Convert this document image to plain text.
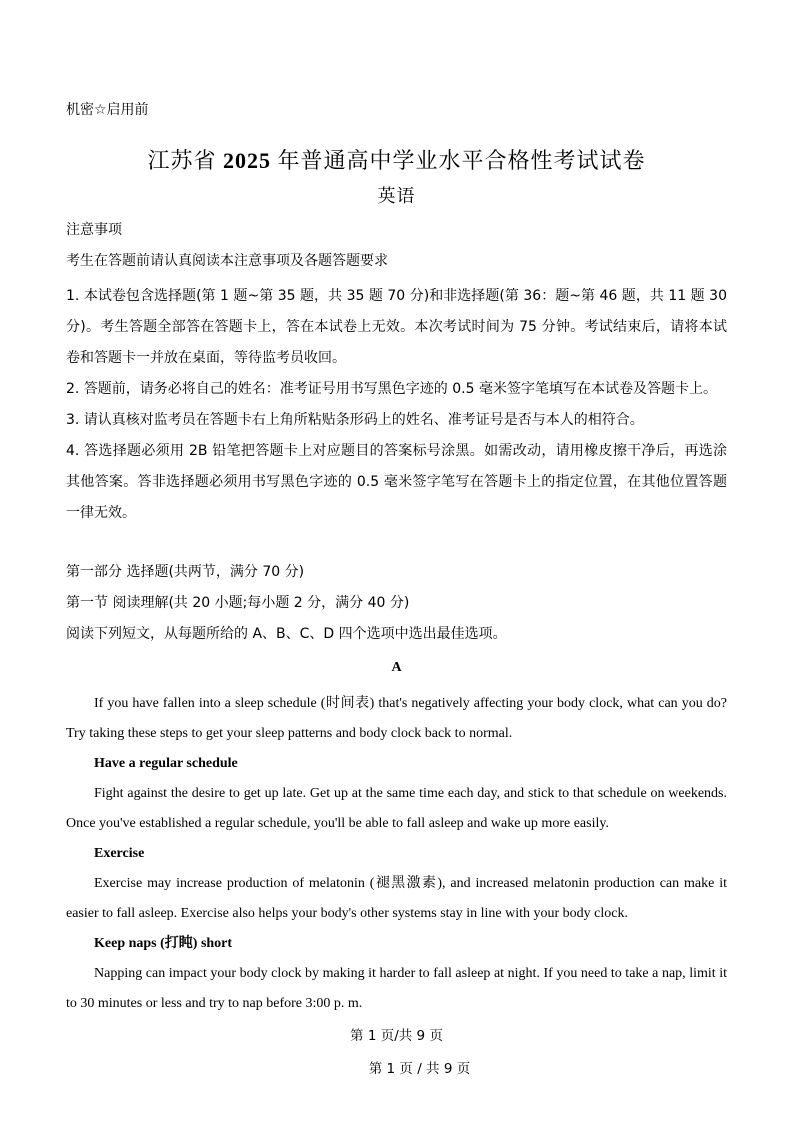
机密☆启用前
江苏省 2025 年普通高中学业水平合格性考试试卷
英语
注意事项
考生在答题前请认真阅读本注意事项及各题答题要求

1. 本试卷包含选择题(第 1 题~第 35 题，共 35 题 70 分)和非选择题(第 36：题~第 46 题，共 11 题 30 分)。考生答题全部答在答题卡上，答在本试卷上无效。本次考试时间为 75 分钟。考试结束后，请将本试卷和答题卡一并放在桌面，等待监考员收回。

2. 答题前，请务必将自己的姓名：准考证号用书写黑色字迹的 0.5 毫米签字笔填写在本试卷及答题卡上。

3. 请认真核对监考员在答题卡右上角所粘贴条形码上的姓名、准考证号是否与本人的相符合。

4. 答选择题必须用 2B 铅笔把答题卡上对应题目的答案标号涂黑。如需改动，请用橡皮擦干净后，再选涂其他答案。答非选择题必须用书写黑色字迹的 0.5 毫米签字笔写在答题卡上的指定位置，在其他位置答题一律无效。

第一部分 选择题(共两节，满分 70 分)
第一节 阅读理解(共 20 小题;每小题 2 分，满分 40 分)
阅读下列短文，从每题所给的 A、B、C、D 四个选项中选出最佳选项。
A

If you have fallen into a sleep schedule (时间表) that's negatively affecting your body clock, what can you do? Try taking these steps to get your sleep patterns and body clock back to normal.

Have a regular schedule

Fight against the desire to get up late. Get up at the same time each day, and stick to that schedule on weekends. Once you've established a regular schedule, you'll be able to fall asleep and wake up more easily.

Exercise

Exercise may increase production of melatonin (褪黑激素), and increased melatonin production can make it easier to fall asleep. Exercise also helps your body's other systems stay in line with your body clock.

Keep naps (打盹) short

Napping can impact your body clock by making it harder to fall asleep at night. If you need to take a nap, limit it to 30 minutes or less and try to nap before 3:00 p. m.

第 1 页/共 9 页
第 1 页 / 共 9 页
